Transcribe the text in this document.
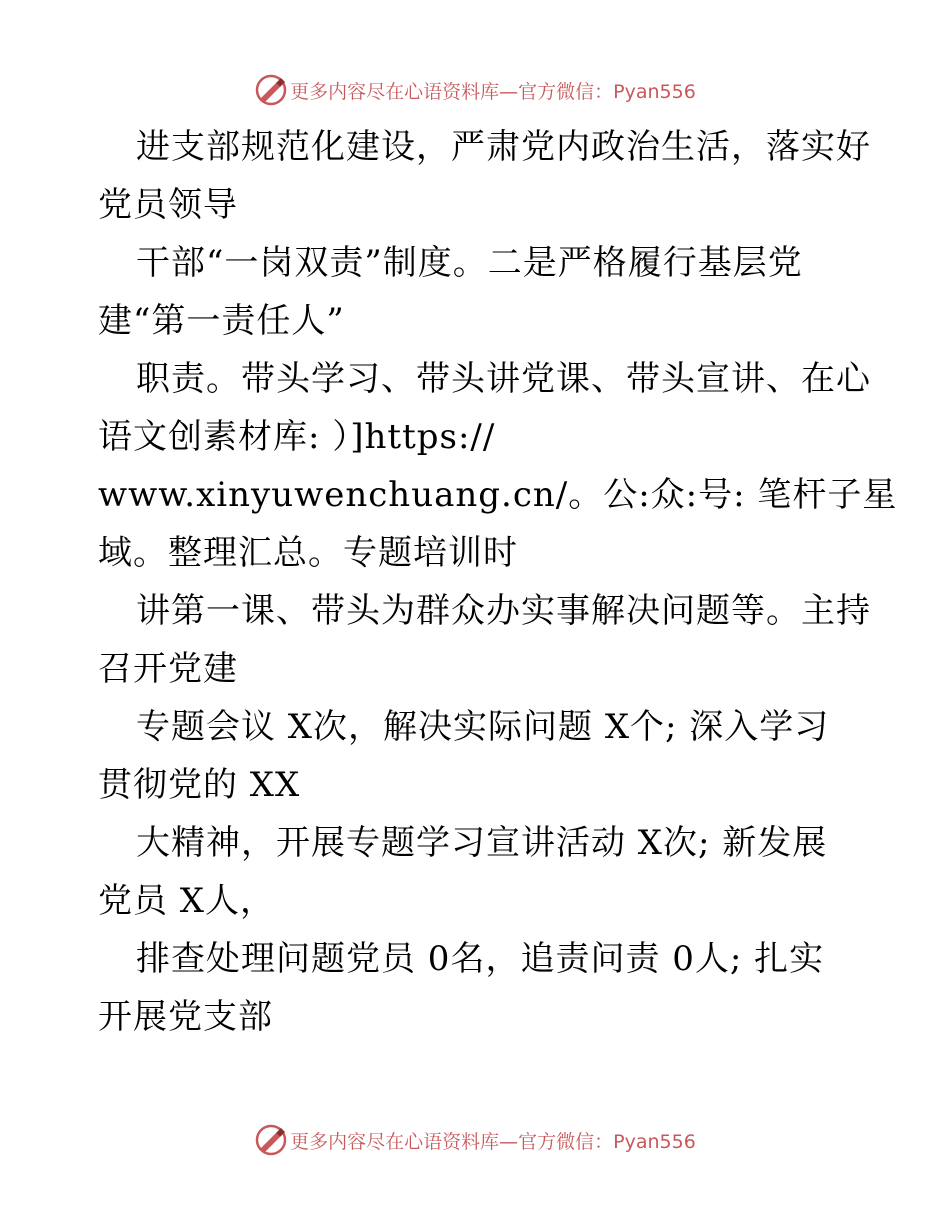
更多内容尽在心语资料库—官方微信：Pyan556
进支部规范化建设，严肃党内政治生活，落实好
党员领导
干部“一岗双责”制度。二是严格履行基层党
建“第一责任人”
职责。带头学习、带头讲党课、带头宣讲、在心
语文创素材库: ）]https://
www.xinyuwenchuang.cn/。公:众:号: 笔杆子星
域。整理汇总。专题培训时
讲第一课、带头为群众办实事解决问题等。主持
召开党建
专题会议 X次，解决实际问题 X个; 深入学习
贯彻党的 XX
大精神，开展专题学习宣讲活动 X次; 新发展
党员 X人，
排查处理问题党员 0名，追责问责 0人; 扎实
开展党支部
更多内容尽在心语资料库—官方微信：Pyan556
